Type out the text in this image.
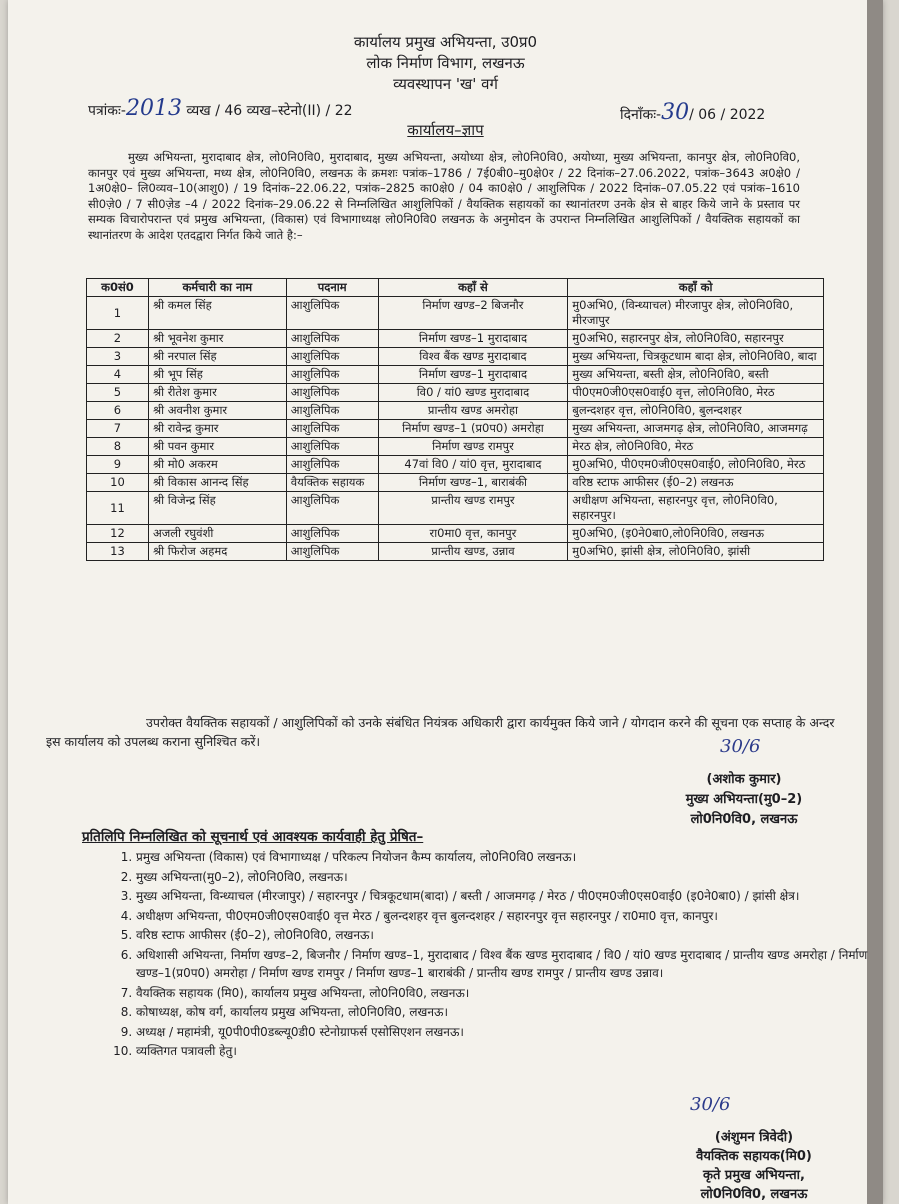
कार्यालय प्रमुख अभियन्ता, उ0प्र0
लोक निर्माण विभाग, लखनऊ
व्यवस्थापन 'ख' वर्ग
पत्रांकः-2013 व्यख / 46 व्यख–स्टेनो(II) / 22	दिनाँकः-30/ 06 / 2022
कार्यालय–ज्ञाप
मुख्य अभियन्ता, मुरादाबाद क्षेत्र, लो0नि0वि0, मुरादाबाद, मुख्य अभियन्ता, अयोध्या क्षेत्र, लो0नि0वि0, अयोध्या, मुख्य अभियन्ता, कानपुर क्षेत्र, लो0नि0वि0, कानपुर एवं मुख्य अभियन्ता, मध्य क्षेत्र, लो0नि0वि0, लखनऊ के क्रमशः पत्रांक–1786 / 7ई0बी0–मु0क्षे0र / 22 दिनांक–27.06.2022, पत्रांक–3643 अ0क्षे0 / 1अ0क्षे0– लि0व्यव–10(आशु0) / 19 दिनांक–22.06.22, पत्रांक–2825 का0क्षे0 / 04 का0क्षे0 / आशुलिपिक / 2022 दिनांक–07.05.22 एवं पत्रांक–1610 सी0ज़े0 / 7 सी0ज़ेड –4 / 2022 दिनांक–29.06.22 से निम्नलिखित आशुलिपिकों / वैयक्तिक सहायकों का स्थानांतरण उनके क्षेत्र से बाहर किये जाने के प्रस्ताव पर सम्यक विचारोपरान्त एवं प्रमुख अभियन्ता, (विकास) एवं विभागाध्यक्ष लो0नि0वि0 लखनऊ के अनुमोदन के उपरान्त निम्नलिखित आशुलिपिकों / वैयक्तिक सहायकों का स्थानांतरण के आदेश एतदद्वारा निर्गत किये जाते है:–
क0सं0	कर्मचारी का नाम	पदनाम	कहाँ से	कहाँ को
1	श्री कमल सिंह	आशुलिपिक	निर्माण खण्ड–2 बिजनौर	मु0अभि0, (विन्ध्याचल) मीरजापुर क्षेत्र, लो0नि0वि0, मीरजापुर
2	श्री भूवनेश कुमार	आशुलिपिक	निर्माण खण्ड–1 मुरादाबाद	मु0अभि0, सहारनपुर क्षेत्र, लो0नि0वि0, सहारनपुर
3	श्री नरपाल सिंह	आशुलिपिक	विश्व बैंक खण्ड मुरादाबाद	मुख्य अभियन्ता, चित्रकूटधाम बादा क्षेत्र, लो0नि0वि0, बादा
4	श्री भूप सिंह	आशुलिपिक	निर्माण खण्ड–1 मुरादाबाद	मुख्य अभियन्ता, बस्ती क्षेत्र, लो0नि0वि0, बस्ती
5	श्री रीतेश कुमार	आशुलिपिक	वि0 / यां0 खण्ड मुरादाबाद	पी0एम0जी0एस0वाई0 वृत्त, लो0नि0वि0, मेरठ
6	श्री अवनीश कुमार	आशुलिपिक	प्रान्तीय खण्ड अमरोहा	बुलन्दशहर वृत्त, लो0नि0वि0, बुलन्दशहर
7	श्री रावेन्द्र कुमार	आशुलिपिक	निर्माण खण्ड–1 (प्र0प0) अमरोहा	मुख्य अभियन्ता, आजमगढ़ क्षेत्र, लो0नि0वि0, आजमगढ़
8	श्री पवन कुमार	आशुलिपिक	निर्माण खण्ड रामपुर	मेरठ क्षेत्र, लो0नि0वि0, मेरठ
9	श्री मो0 अकरम	आशुलिपिक	47वां वि0 / यां0 वृत्त, मुरादाबाद	मु0अभि0, पी0एम0जी0एस0वाई0, लो0नि0वि0, मेरठ
10	श्री विकास आनन्द सिंह	वैयक्तिक सहायक	निर्माण खण्ड–1, बाराबंकी	वरिष्ठ स्टाफ आफीसर (ई0–2) लखनऊ
11	श्री विजेन्द्र सिंह	आशुलिपिक	प्रान्तीय खण्ड रामपुर	अधीक्षण अभियन्ता, सहारनपुर वृत्त, लो0नि0वि0, सहारनपुर।
12	अजली रघुवंशी	आशुलिपिक	रा0मा0 वृत्त, कानपुर	मु0अभि0, (इ0ने0बा0,लो0नि0वि0, लखनऊ
13	श्री फिरोज अहमद	आशुलिपिक	प्रान्तीय खण्ड, उन्नाव	मु0अभि0, झांसी क्षेत्र, लो0नि0वि0, झांसी
उपरोक्त वैयक्तिक सहायकों / आशुलिपिकों को उनके संबंधित नियंत्रक अधिकारी द्वारा कार्यमुक्त किये जाने / योगदान करने की सूचना एक सप्ताह के अन्दर इस कार्यालय को उपलब्ध कराना सुनिश्चित करें।	30/6
(अशोक कुमार)
मुख्य अभियन्ता(मु0–2)
लो0नि0वि0, लखनऊ
प्रतिलिपि निम्नलिखित को सूचनार्थ एवं आवश्यक कार्यवाही हेतु प्रेषित–
1. प्रमुख अभियन्ता (विकास) एवं विभागाध्यक्ष / परिकल्प नियोजन कैम्प कार्यालय, लो0नि0वि0 लखनऊ।
2. मुख्य अभियन्ता(मु0–2), लो0नि0वि0, लखनऊ।
3. मुख्य अभियन्ता, विन्ध्याचल (मीरजापुर) / सहारनपुर / चित्रकूटधाम(बादा) / बस्ती / आजमगढ़ / मेरठ / पी0एम0जी0एस0वाई0 (इ0ने0बा0) / झांसी क्षेत्र।
4. अधीक्षण अभियन्ता, पी0एम0जी0एस0वाई0 वृत्त मेरठ / बुलन्दशहर वृत्त बुलन्दशहर / सहारनपुर वृत्त सहारनपुर / रा0मा0 वृत्त, कानपुर।
5. वरिष्ठ स्टाफ आफीसर (ई0–2), लो0नि0वि0, लखनऊ।
6. अधिशासी अभियन्ता, निर्माण खण्ड–2, बिजनौर / निर्माण खण्ड–1, मुरादाबाद / विश्व बैंक खण्ड मुरादाबाद / वि0 / यां0 खण्ड मुरादाबाद / प्रान्तीय खण्ड अमरोहा / निर्माण खण्ड–1(प्र0प0) अमरोहा / निर्माण खण्ड रामपुर / निर्माण खण्ड–1 बाराबंकी / प्रान्तीय खण्ड रामपुर / प्रान्तीय खण्ड उन्नाव।
7. वैयक्तिक सहायक (मि0), कार्यालय प्रमुख अभियन्ता, लो0नि0वि0, लखनऊ।
8. कोषाध्यक्ष, कोष वर्ग, कार्यालय प्रमुख अभियन्ता, लो0नि0वि0, लखनऊ।
9. अध्यक्ष / महामंत्री, यू0पी0पी0डब्ल्यू0डी0 स्टेनोग्राफर्स एसोसिएशन लखनऊ।
10. व्यक्तिगत पत्रावली हेतु।
30/6
(अंशुमन त्रिवेदी)
वैयक्तिक सहायक(मि0)
कृते प्रमुख अभियन्ता,
लो0नि0वि0, लखनऊ
